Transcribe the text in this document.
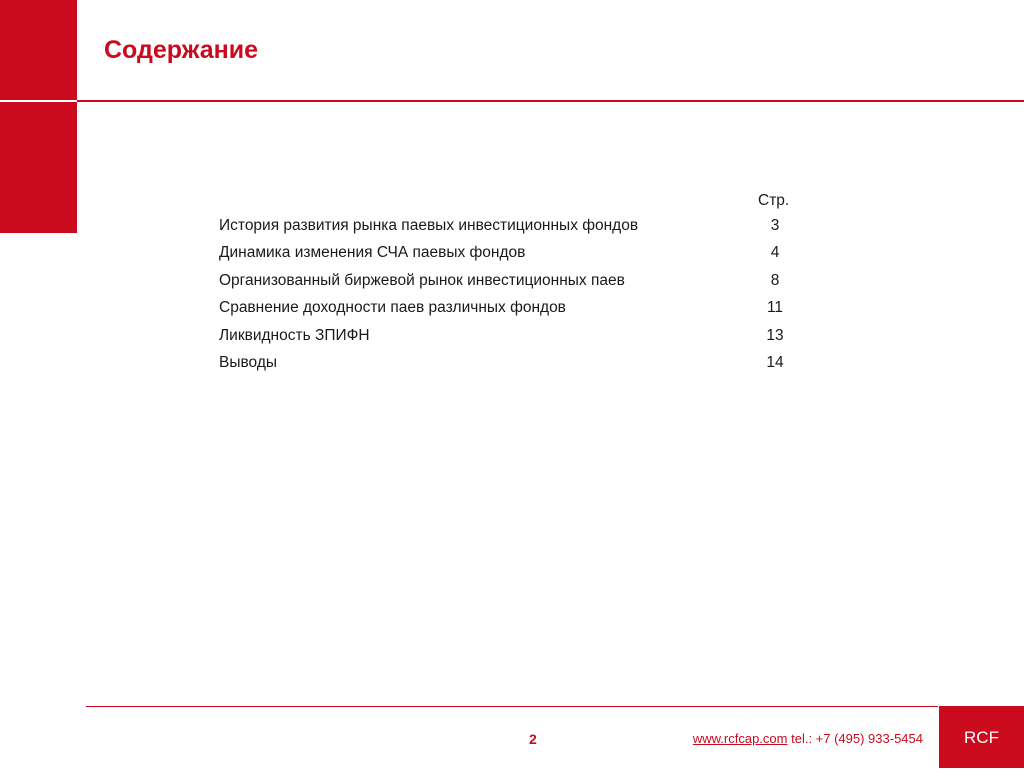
Содержание
Стр.
История развития рынка паевых инвестиционных фондов	3
Динамика изменения СЧА паевых фондов	4
Организованный биржевой рынок инвестиционных паев	8
Сравнение доходности паев различных фондов	11
Ликвидность ЗПИФН	13
Выводы	14
2	www.rcfcap.com tel.: +7 (495) 933-5454	RCF
